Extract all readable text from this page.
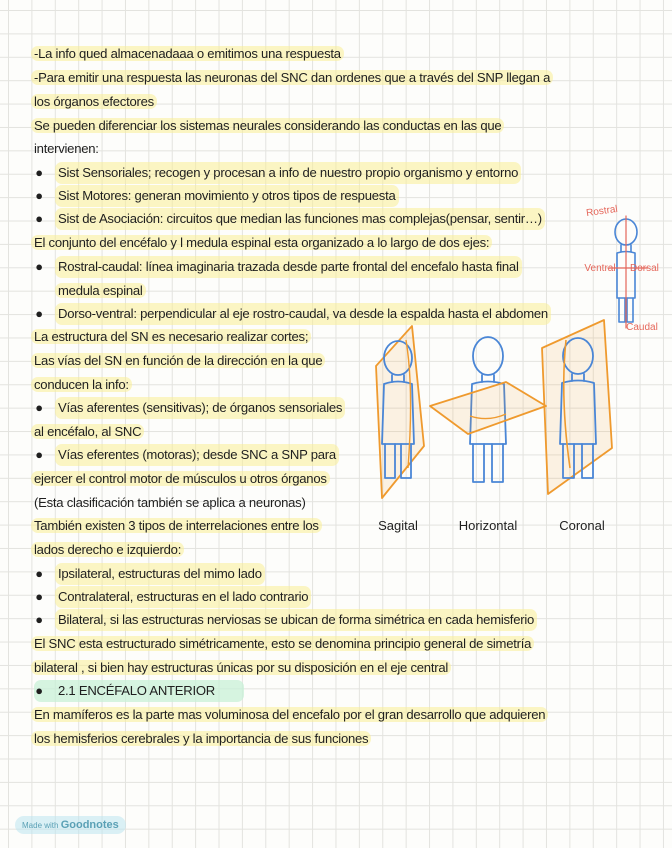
-La info qued almacenadaaa o emitimos una respuesta
-Para emitir una respuesta las neuronas del SNC dan ordenes que a través del SNP llegan a
los órganos efectores
Se pueden diferenciar los sistemas neurales considerando las conductas en las que
intervienen:
● Sist Sensoriales; recogen y procesan a info de nuestro propio organismo y entorno
● Sist Motores: generan movimiento y otros tipos de respuesta
● Sist de Asociación: circuitos que median las funciones mas complejas(pensar, sentir…)
El conjunto del encéfalo y l medula espinal esta organizado a lo largo de dos ejes:
● Rostral-caudal: línea imaginaria trazada desde parte frontal del encefalo hasta final
medula espinal
● Dorso-ventral: perpendicular al eje rostro-caudal, va desde la espalda hasta el abdomen
La estructura del SN es necesario realizar cortes;
Las vías del SN en función de la dirección en la que
conducen la info:
● Vías aferentes (sensitivas); de órganos sensoriales
al encéfalo, al SNC
● Vías eferentes (motoras); desde SNC a SNP para
ejercer el control motor de músculos u otros órganos
(Esta clasificación también se aplica a neuronas)
También existen 3 tipos de interrelaciones entre los
lados derecho e izquierdo:
● Ipsilateral, estructuras del mimo lado
● Contralateral, estructuras en el lado contrario
● Bilateral, si las estructuras nerviosas se ubican de forma simétrica en cada hemisferio
El SNC esta estructurado simétricamente, esto se denomina principio general de simetría
bilateral , si bien hay estructuras únicas por su disposición en el eje central
● 2.1 ENCÉFALO ANTERIOR
En mamíferos es la parte mas voluminosa del encefalo por el gran desarrollo que adquieren
los hemisferios cerebrales y la importancia de sus funciones
Rostral
Ventral	Dorsal
Caudal
Sagital	Horizontal	Coronal
Made with Goodnotes
